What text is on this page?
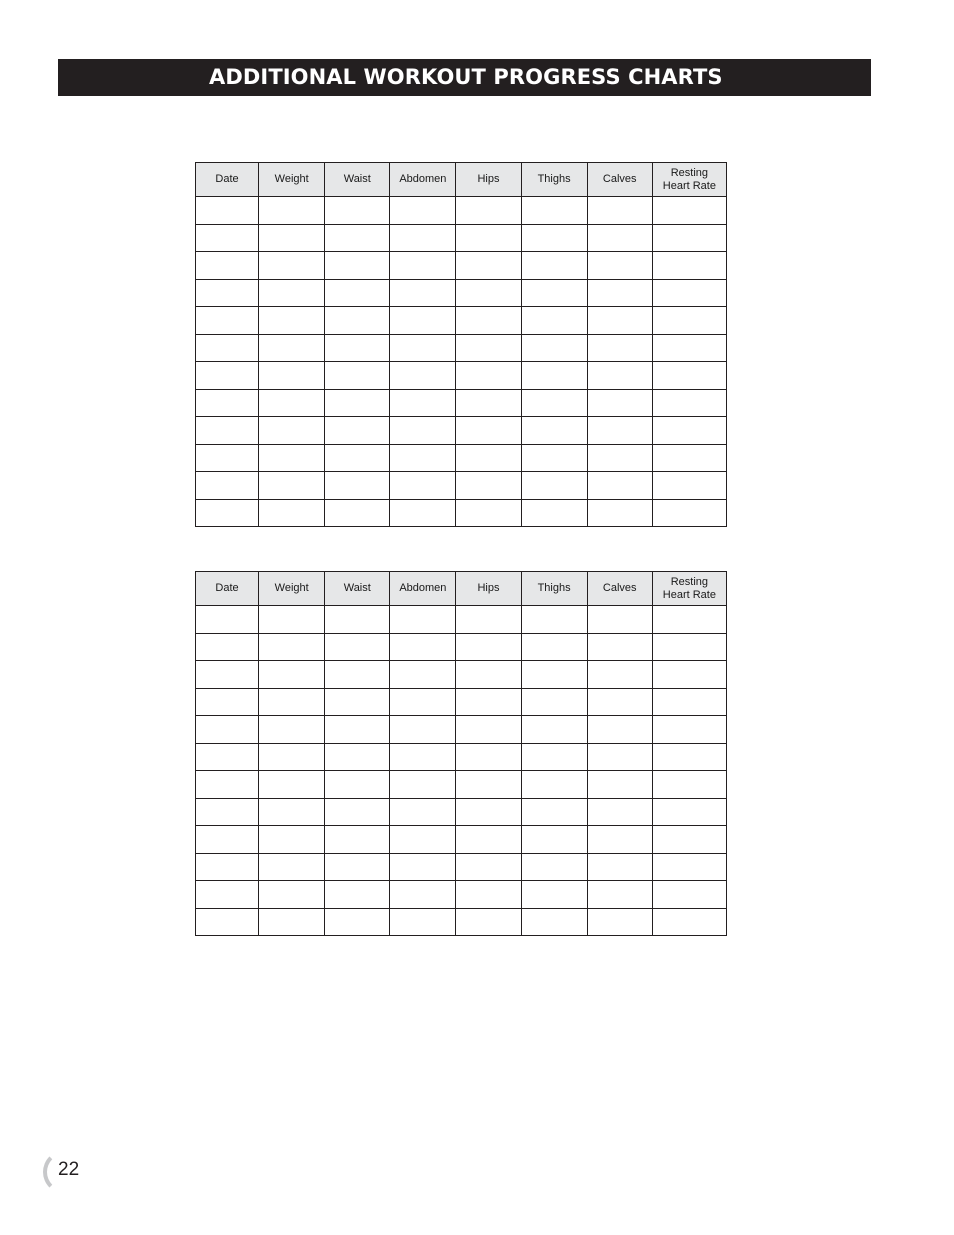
ADDITIONAL WORKOUT PROGRESS CHARTS
Date	Weight	Waist	Abdomen	Hips	Thighs	Calves	Resting Heart Rate

Date	Weight	Waist	Abdomen	Hips	Thighs	Calves	Resting Heart Rate

22
